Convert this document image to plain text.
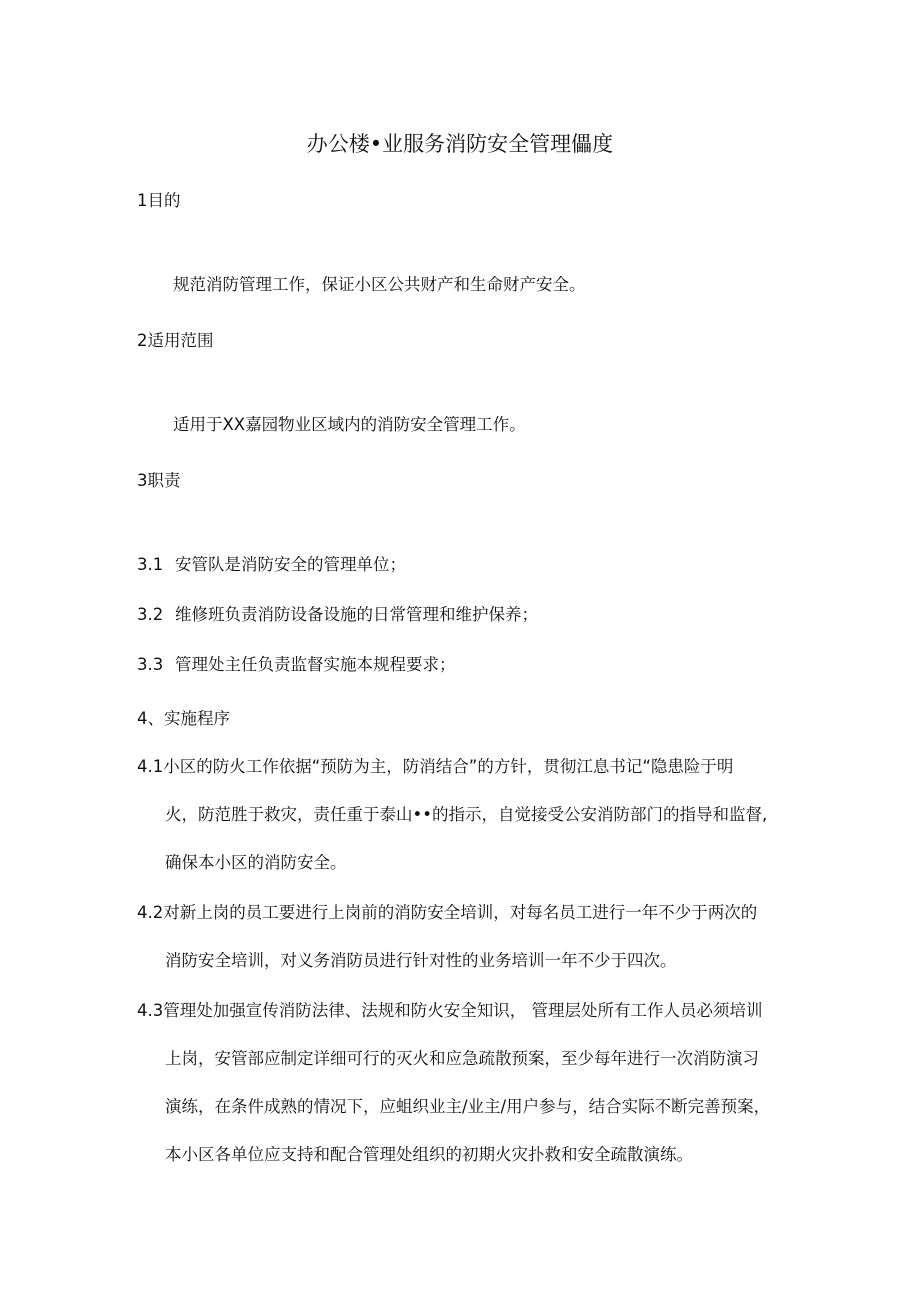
办公楼•业服务消防安全管理儡度
1目的
规范消防管理工作，保证小区公共财产和生命财产安全。
2适用范围
适用于XX嘉园物业区域内的消防安全管理工作。
3职责
3.1 安管队是消防安全的管理单位；
3.2 维修班负责消防设备设施的日常管理和维护保养；
3.3 管理处主任负责监督实施本规程要求；
4、实施程序
4.1小区的防火工作依据“预防为主，防消结合”的方针，贯彻江息书记“隐患险于明
火，防范胜于救灾，责任重于泰山••的指示，自觉接受公安消防部门的指导和监督,
确保本小区的消防安全。
4.2对新上岗的员工要进行上岗前的消防安全培训，对每名员工进行一年不少于两次的
消防安全培训，对义务消防员进行针对性的业务培训一年不少于四次。
4.3管理处加强宣传消防法律、法规和防火安全知识， 管理层处所有工作人员必须培训
上岗，安管部应制定详细可行的灭火和应急疏散预案，至少每年进行一次消防演习
演练，在条件成熟的情况下，应蛆织业主/业主/用户参与，结合实际不断完善预案，
本小区各单位应支持和配合管理处组织的初期火灾扑救和安全疏散演练。
